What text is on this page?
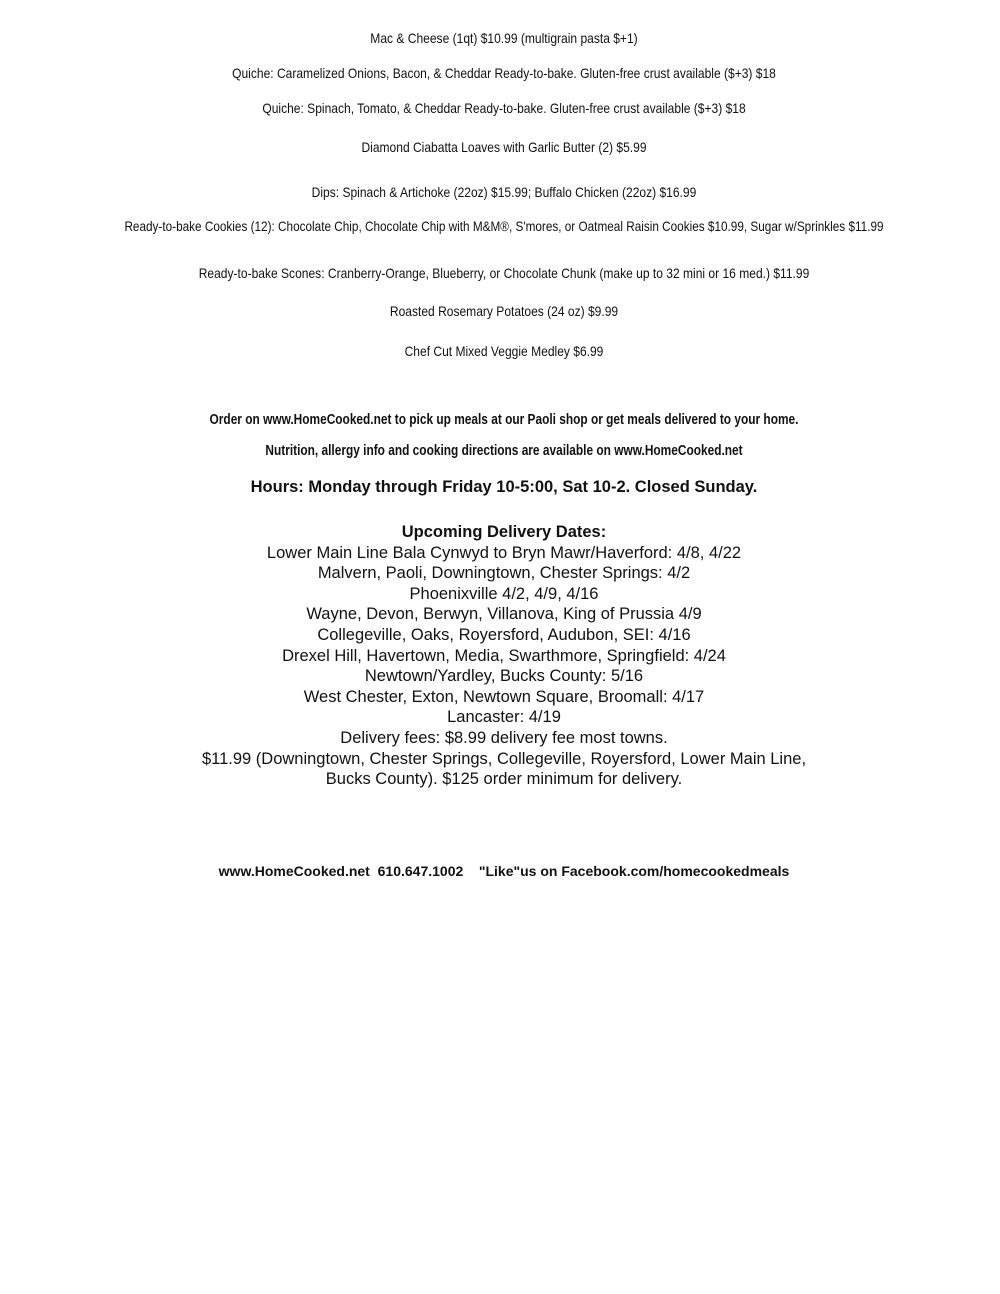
Mac & Cheese (1qt) $10.99 (multigrain pasta $+1)
Quiche: Caramelized Onions, Bacon, & Cheddar Ready-to-bake. Gluten-free crust available ($+3) $18
Quiche: Spinach, Tomato, & Cheddar Ready-to-bake. Gluten-free crust available ($+3) $18
Diamond Ciabatta Loaves with Garlic Butter (2) $5.99
Dips: Spinach & Artichoke (22oz) $15.99; Buffalo Chicken (22oz) $16.99
Ready-to-bake Cookies (12): Chocolate Chip, Chocolate Chip with M&M®, S'mores, or Oatmeal Raisin Cookies $10.99, Sugar w/Sprinkles $11.99
Ready-to-bake Scones: Cranberry-Orange, Blueberry, or Chocolate Chunk (make up to 32 mini or 16 med.) $11.99
Roasted Rosemary Potatoes (24 oz) $9.99
Chef Cut Mixed Veggie Medley $6.99
Order on www.HomeCooked.net to pick up meals at our Paoli shop or get meals delivered to your home.
Nutrition, allergy info and cooking directions are available on www.HomeCooked.net
Hours: Monday through Friday 10-5:00, Sat 10-2. Closed Sunday.
Upcoming Delivery Dates:
Lower Main Line Bala Cynwyd to Bryn Mawr/Haverford: 4/8, 4/22
Malvern, Paoli, Downingtown, Chester Springs: 4/2
Phoenixville 4/2, 4/9, 4/16
Wayne, Devon, Berwyn, Villanova, King of Prussia 4/9
Collegeville, Oaks, Royersford, Audubon, SEI: 4/16
Drexel Hill, Havertown, Media, Swarthmore, Springfield: 4/24
Newtown/Yardley, Bucks County: 5/16
West Chester, Exton, Newtown Square, Broomall: 4/17
Lancaster: 4/19
Delivery fees: $8.99 delivery fee most towns.
$11.99 (Downingtown, Chester Springs, Collegeville, Royersford, Lower Main Line, Bucks County). $125 order minimum for delivery.
www.HomeCooked.net 610.647.1002 "Like"us on Facebook.com/homecookedmeals
